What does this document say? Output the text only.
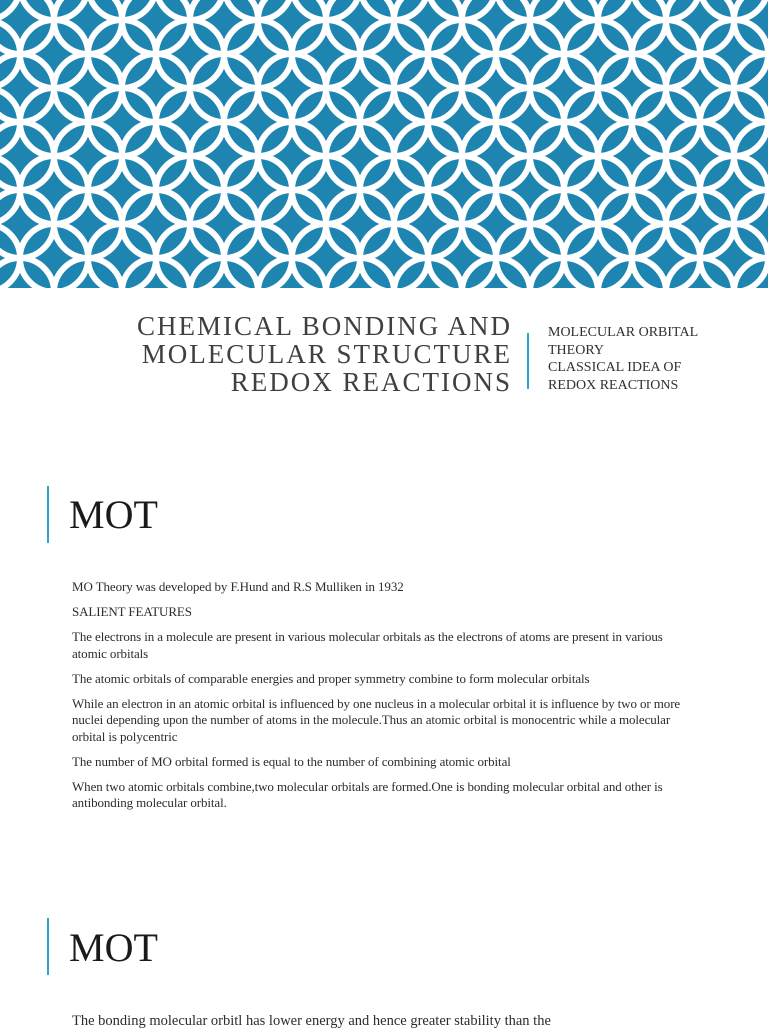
CHEMICAL BONDING AND
MOLECULAR STRUCTURE
REDOX REACTIONS
MOLECULAR ORBITAL
THEORY
CLASSICAL IDEA OF
REDOX REACTIONS
MOT

MO Theory was developed by F.Hund and R.S Mulliken in 1932

SALIENT FEATURES

The electrons in a molecule are present in various molecular orbitals as the electrons of atoms are present in various atomic orbitals

The atomic orbitals of comparable energies and proper symmetry combine to form molecular orbitals

While an electron in an atomic orbital is influenced by one nucleus in a molecular orbital it is influence by two or more nuclei depending upon the number of atoms in the molecule.Thus an atomic orbital is monocentric while a molecular orbital is polycentric

The number of MO orbital formed is equal to the number of combining atomic orbital

When two atomic orbitals combine,two molecular orbitals are formed.One is bonding molecular orbital and other is antibonding molecular orbital.

MOT
The bonding molecular orbitl has lower energy and hence greater stability than the
